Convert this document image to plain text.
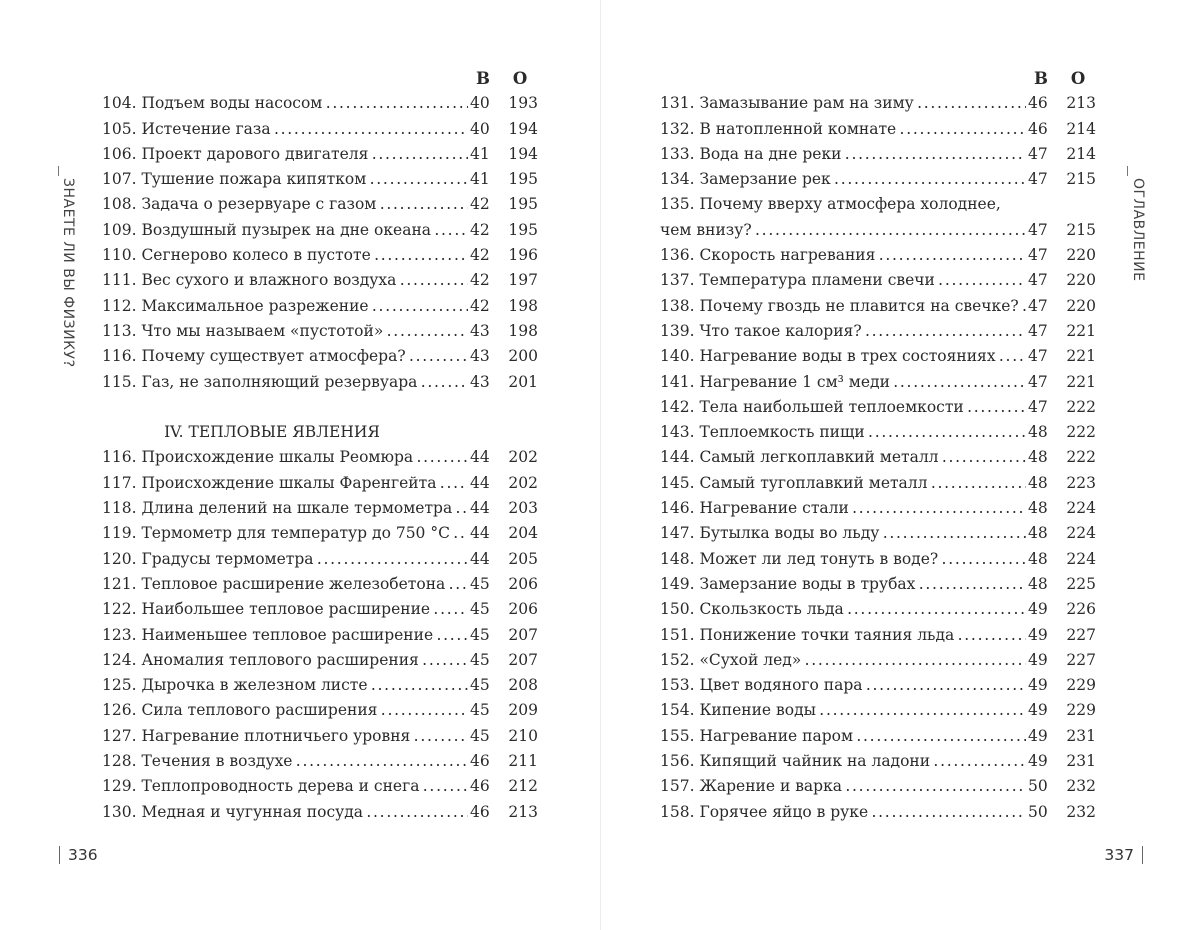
ЗНАЕТЕ ЛИ ВЫ ФИЗИКУ?
В	О
104. Подъем воды насосом . . .	40	193
105. Истечение газа . . .	40	194
106. Проект дарового двигателя . . .	41	194
107. Тушение пожара кипятком . . .	41	195
108. Задача о резервуаре с газом . . .	42	195
109. Воздушный пузырек на дне океана . . .	42	195
110. Сегнерово колесо в пустоте . . .	42	196
111. Вес сухого и влажного воздуха . . .	42	197
112. Максимальное разрежение . . .	42	198
113. Что мы называем «пустотой» . . .	43	198
116. Почему существует атмосфера? . . .	43	200
115. Газ, не заполняющий резервуара . . .	43	201
IV. ТЕПЛОВЫЕ ЯВЛЕНИЯ
116. Происхождение шкалы Реомюра . . .	44	202
117. Происхождение шкалы Фаренгейта . . .	44	202
118. Длина делений на шкале термометра . . .	44	203
119. Термометр для температур до 750 °С . . .	44	204
120. Градусы термометра . . .	44	205
121. Тепловое расширение железобетона . . .	45	206
122. Наибольшее тепловое расширение . . .	45	206
123. Наименьшее тепловое расширение . . .	45	207
124. Аномалия теплового расширения . . .	45	207
125. Дырочка в железном листе . . .	45	208
126. Сила теплового расширения . . .	45	209
127. Нагревание плотничьего уровня . . .	45	210
128. Течения в воздухе . . .	46	211
129. Теплопроводность дерева и снега . . .	46	212
130. Медная и чугунная посуда . . .	46	213
336
В	О
131. Замазывание рам на зиму . . .	46	213
132. В натопленной комнате . . .	46	214
133. Вода на дне реки . . .	47	214
134. Замерзание рек . . .	47	215
135. Почему вверху атмосфера холоднее,
чем внизу? . . .	47	215
136. Скорость нагревания . . .	47	220
137. Температура пламени свечи . . .	47	220
138. Почему гвоздь не плавится на свечке? . . . 47	220
139. Что такое калория? . . .	47	221
140. Нагревание воды в трех состояниях . . .	47	221
141. Нагревание 1 см³ меди . . .	47	221
142. Тела наибольшей теплоемкости . . .	47	222
143. Теплоемкость пищи . . .	48	222
144. Самый легкоплавкий металл . . .	48	222
145. Самый тугоплавкий металл . . .	48	223
146. Нагревание стали . . .	48	224
147. Бутылка воды во льду . . .	48	224
148. Может ли лед тонуть в воде? . . .	48	224
149. Замерзание воды в трубах . . .	48	225
150. Скользкость льда . . .	49	226
151. Понижение точки таяния льда . . .	49	227
152. «Сухой лед» . . .	49	227
153. Цвет водяного пара . . .	49	229
154. Кипение воды . . .	49	229
155. Нагревание паром . . .	49	231
156. Кипящий чайник на ладони . . .	49	231
157. Жарение и варка . . .	50	232
158. Горячее яйцо в руке . . .	50	232
ОГЛАВЛЕНИЕ
337
